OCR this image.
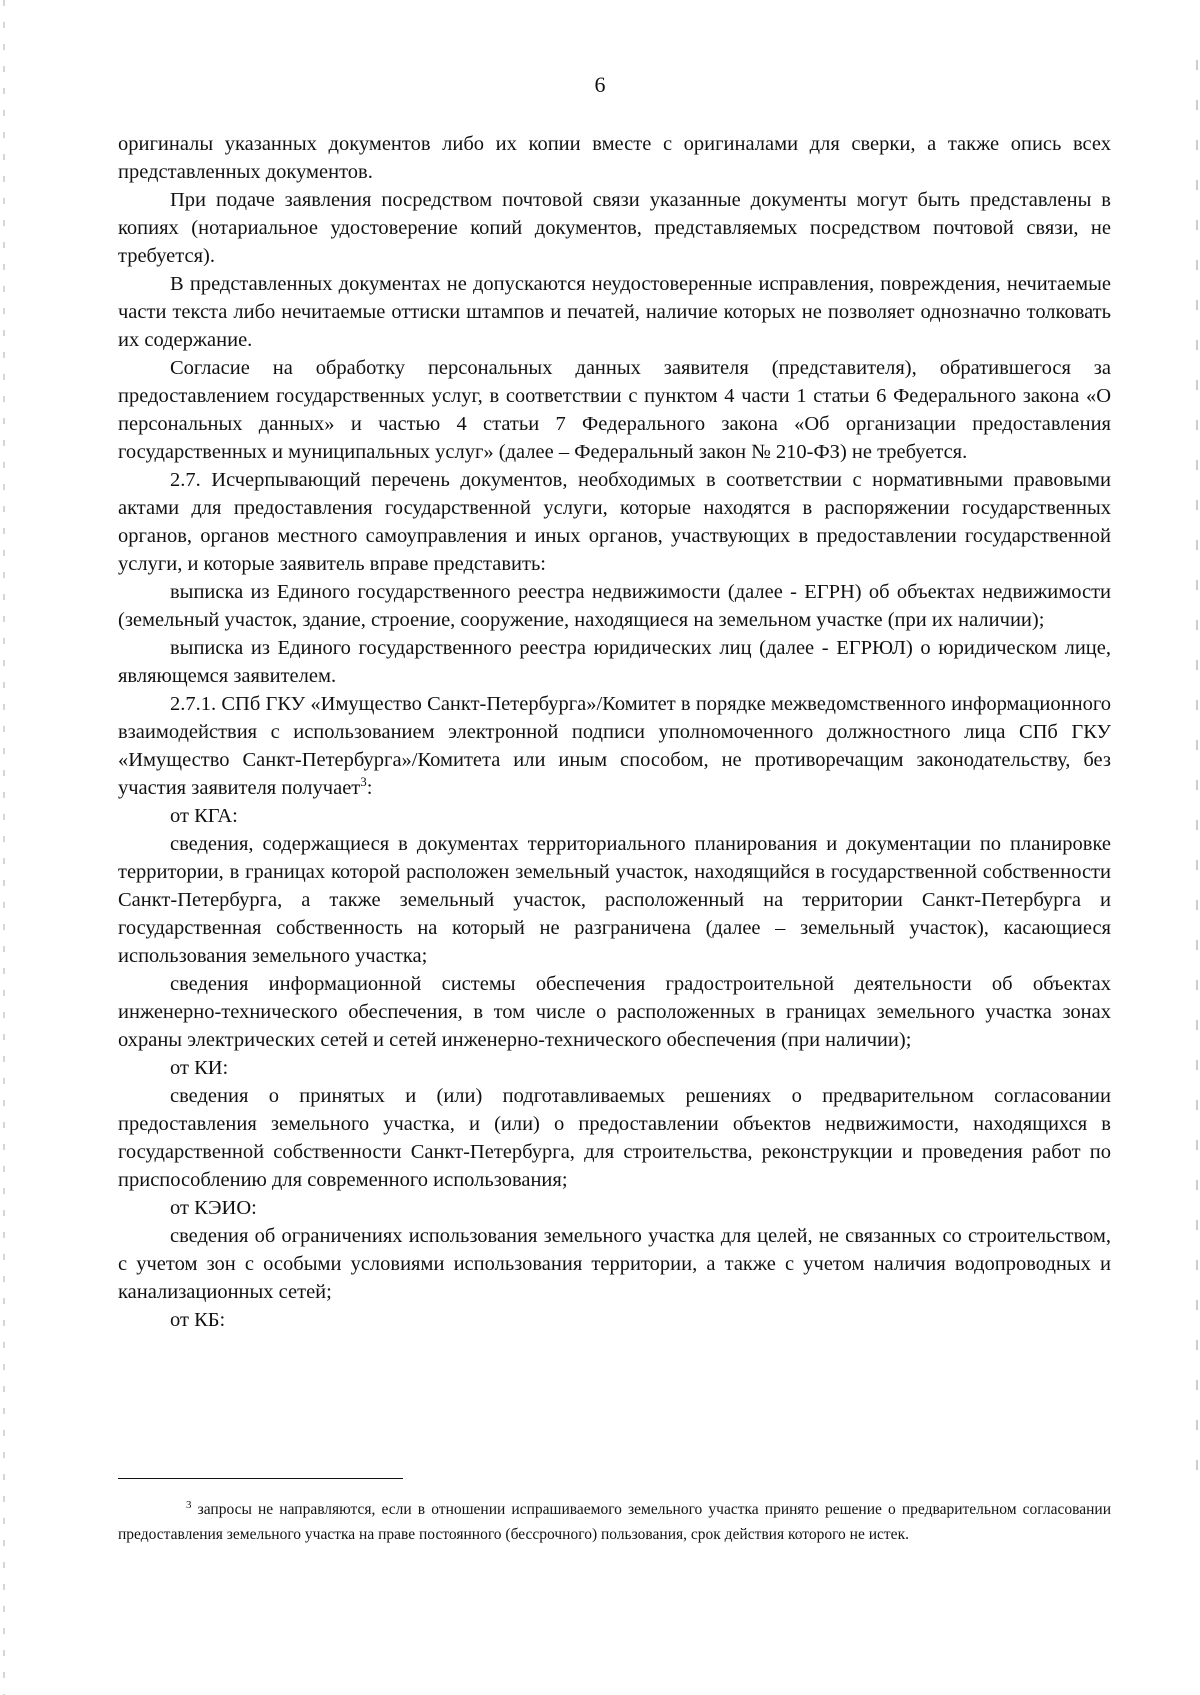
6

оригиналы указанных документов либо их копии вместе с оригиналами для сверки, а также опись всех представленных документов.

При подаче заявления посредством почтовой связи указанные документы могут быть представлены в копиях (нотариальное удостоверение копий документов, представляемых посредством почтовой связи, не требуется).

В представленных документах не допускаются неудостоверенные исправления, повреждения, нечитаемые части текста либо нечитаемые оттиски штампов и печатей, наличие которых не позволяет однозначно толковать их содержание.

Согласие на обработку персональных данных заявителя (представителя), обратившегося за предоставлением государственных услуг, в соответствии с пунктом 4 части 1 статьи 6 Федерального закона «О персональных данных» и частью 4 статьи 7 Федерального закона «Об организации предоставления государственных и муниципальных услуг» (далее – Федеральный закон № 210-ФЗ) не требуется.

2.7. Исчерпывающий перечень документов, необходимых в соответствии с нормативными правовыми актами для предоставления государственной услуги, которые находятся в распоряжении государственных органов, органов местного самоуправления и иных органов, участвующих в предоставлении государственной услуги, и которые заявитель вправе представить:

выписка из Единого государственного реестра недвижимости (далее - ЕГРН) об объектах недвижимости (земельный участок, здание, строение, сооружение, находящиеся на земельном участке (при их наличии);

выписка из Единого государственного реестра юридических лиц (далее - ЕГРЮЛ) о юридическом лице, являющемся заявителем.

2.7.1. СПб ГКУ «Имущество Санкт-Петербурга»/Комитет в порядке межведомственного информационного взаимодействия с использованием электронной подписи уполномоченного должностного лица СПб ГКУ «Имущество Санкт-Петербурга»/Комитета или иным способом, не противоречащим законодательству, без участия заявителя получает$^3$:

от КГА:

сведения, содержащиеся в документах территориального планирования и документации по планировке территории, в границах которой расположен земельный участок, находящийся в государственной собственности Санкт-Петербурга, а также земельный участок, расположенный на территории Санкт-Петербурга и государственная собственность на который не разграничена (далее – земельный участок), касающиеся использования земельного участка;

сведения информационной системы обеспечения градостроительной деятельности об объектах инженерно-технического обеспечения, в том числе о расположенных в границах земельного участка зонах охраны электрических сетей и сетей инженерно-технического обеспечения (при наличии);

от КИ:

сведения о принятых и (или) подготавливаемых решениях о предварительном согласовании предоставления земельного участка, и (или) о предоставлении объектов недвижимости, находящихся в государственной собственности Санкт-Петербурга, для строительства, реконструкции и проведения работ по приспособлению для современного использования;

от КЭИО:

сведения об ограничениях использования земельного участка для целей, не связанных со строительством, с учетом зон с особыми условиями использования территории, а также с учетом наличия водопроводных и канализационных сетей;

от КБ:

$^3$ запросы не направляются, если в отношении испрашиваемого земельного участка принято решение о предварительном согласовании предоставления земельного участка на праве постоянного (бессрочного) пользования, срок действия которого не истек.
